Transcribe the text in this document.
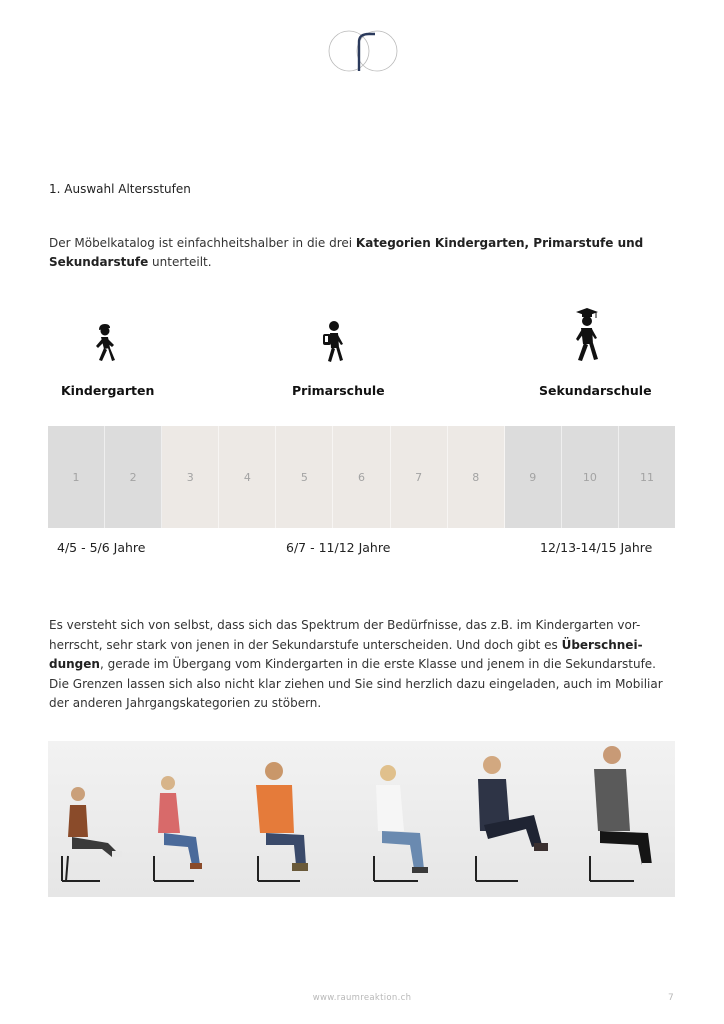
1. Auswahl Altersstufen
Der Möbelkatalog ist einfachheitshalber in die drei Kategorien Kindergarten, Primarstufe und Sekundarstufe unterteilt.
Kindergarten	Primarschule	Sekundarschule
1	2	3	4	5	6	7	8	9	10	11
4/5 - 5/6 Jahre	6/7 - 11/12 Jahre	12/13-14/15 Jahre
Es versteht sich von selbst, dass sich das Spektrum der Bedürfnisse, das z.B. im Kindergarten vor-herrscht, sehr stark von jenen in der Sekundarstufe unterscheiden. Und doch gibt es Überschnei-dungen, gerade im Übergang vom Kindergarten in die erste Klasse und jenem in die Sekundarstufe. Die Grenzen lassen sich also nicht klar ziehen und Sie sind herzlich dazu eingeladen, auch im Mobiliar der anderen Jahrgangskategorien zu stöbern.
www.raumreaktion.ch	7
